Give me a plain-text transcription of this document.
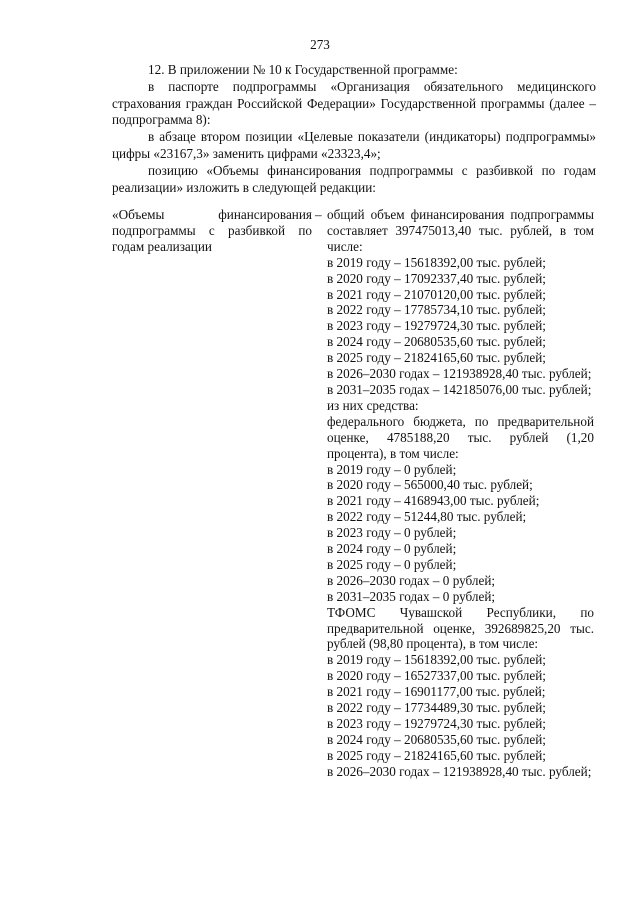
273

12. В приложении № 10 к Государственной программе:

в паспорте подпрограммы «Организация обязательного медицинского страхования граждан Российской Федерации» Государственной программы (далее – подпрограмма 8):

в абзаце втором позиции «Целевые показатели (индикаторы) подпрограммы» цифры «23167,3» заменить цифрами «23323,4»;

позицию «Объемы финансирования подпрограммы с разбивкой по годам реализации» изложить в следующей редакции:

«Объемы финансирования подпрограммы с разбивкой по годам реализации
– общий объем финансирования подпрограммы составляет 397475013,40 тыс. рублей, в том числе:
в 2019 году – 15618392,00 тыс. рублей;
в 2020 году – 17092337,40 тыс. рублей;
в 2021 году – 21070120,00 тыс. рублей;
в 2022 году – 17785734,10 тыс. рублей;
в 2023 году – 19279724,30 тыс. рублей;
в 2024 году – 20680535,60 тыс. рублей;
в 2025 году – 21824165,60 тыс. рублей;
в 2026–2030 годах – 121938928,40 тыс. рублей;
в 2031–2035 годах – 142185076,00 тыс. рублей;
из них средства:
федерального бюджета, по предварительной оценке, 4785188,20 тыс. рублей (1,20 процента), в том числе:
в 2019 году – 0 рублей;
в 2020 году – 565000,40 тыс. рублей;
в 2021 году – 4168943,00 тыс. рублей;
в 2022 году – 51244,80 тыс. рублей;
в 2023 году – 0 рублей;
в 2024 году – 0 рублей;
в 2025 году – 0 рублей;
в 2026–2030 годах – 0 рублей;
в 2031–2035 годах – 0 рублей;
ТФОМС Чувашской Республики, по предварительной оценке, 392689825,20 тыс. рублей (98,80 процента), в том числе:
в 2019 году – 15618392,00 тыс. рублей;
в 2020 году – 16527337,00 тыс. рублей;
в 2021 году – 16901177,00 тыс. рублей;
в 2022 году – 17734489,30 тыс. рублей;
в 2023 году – 19279724,30 тыс. рублей;
в 2024 году – 20680535,60 тыс. рублей;
в 2025 году – 21824165,60 тыс. рублей;
в 2026–2030 годах – 121938928,40 тыс. рублей;
